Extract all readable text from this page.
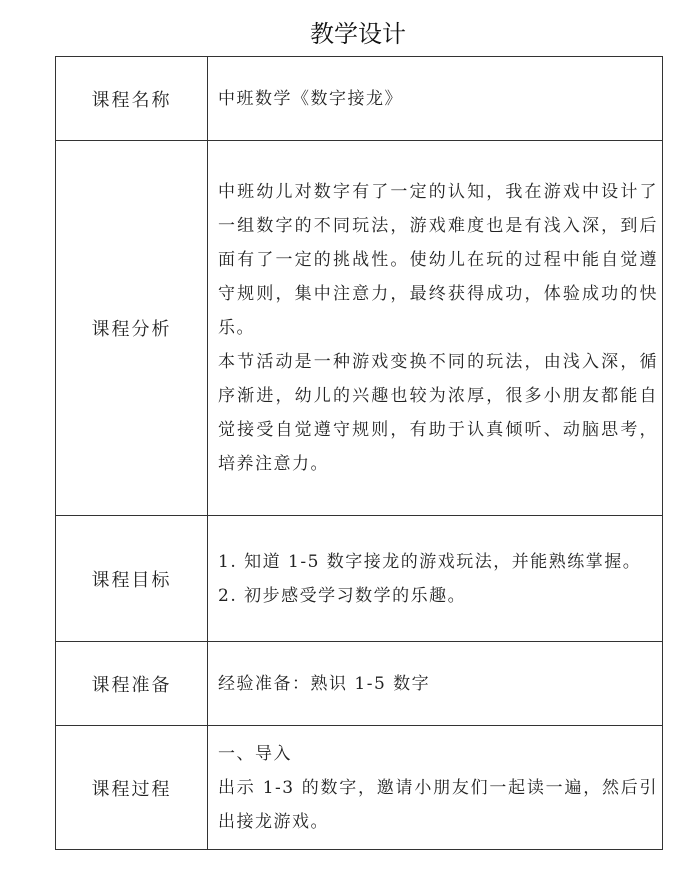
教学设计
课程名称	中班数学《数字接龙》

课程分析	中班幼儿对数字有了一定的认知，我在游戏中设计了一组数字的不同玩法，游戏难度也是有浅入深，到后面有了一定的挑战性。使幼儿在玩的过程中能自觉遵守规则，集中注意力，最终获得成功，体验成功的快乐。

本节活动是一种游戏变换不同的玩法，由浅入深，循序渐进，幼儿的兴趣也较为浓厚，很多小朋友都能自觉接受自觉遵守规则，有助于认真倾听、动脑思考，培养注意力。

课程目标	1. 知道 1-5 数字接龙的游戏玩法，并能熟练掌握。

2. 初步感受学习数学的乐趣。

课程准备	经验准备：熟识 1-5 数字

课程过程	一、导入

出示 1-3 的数字，邀请小朋友们一起读一遍，然后引出接龙游戏。
